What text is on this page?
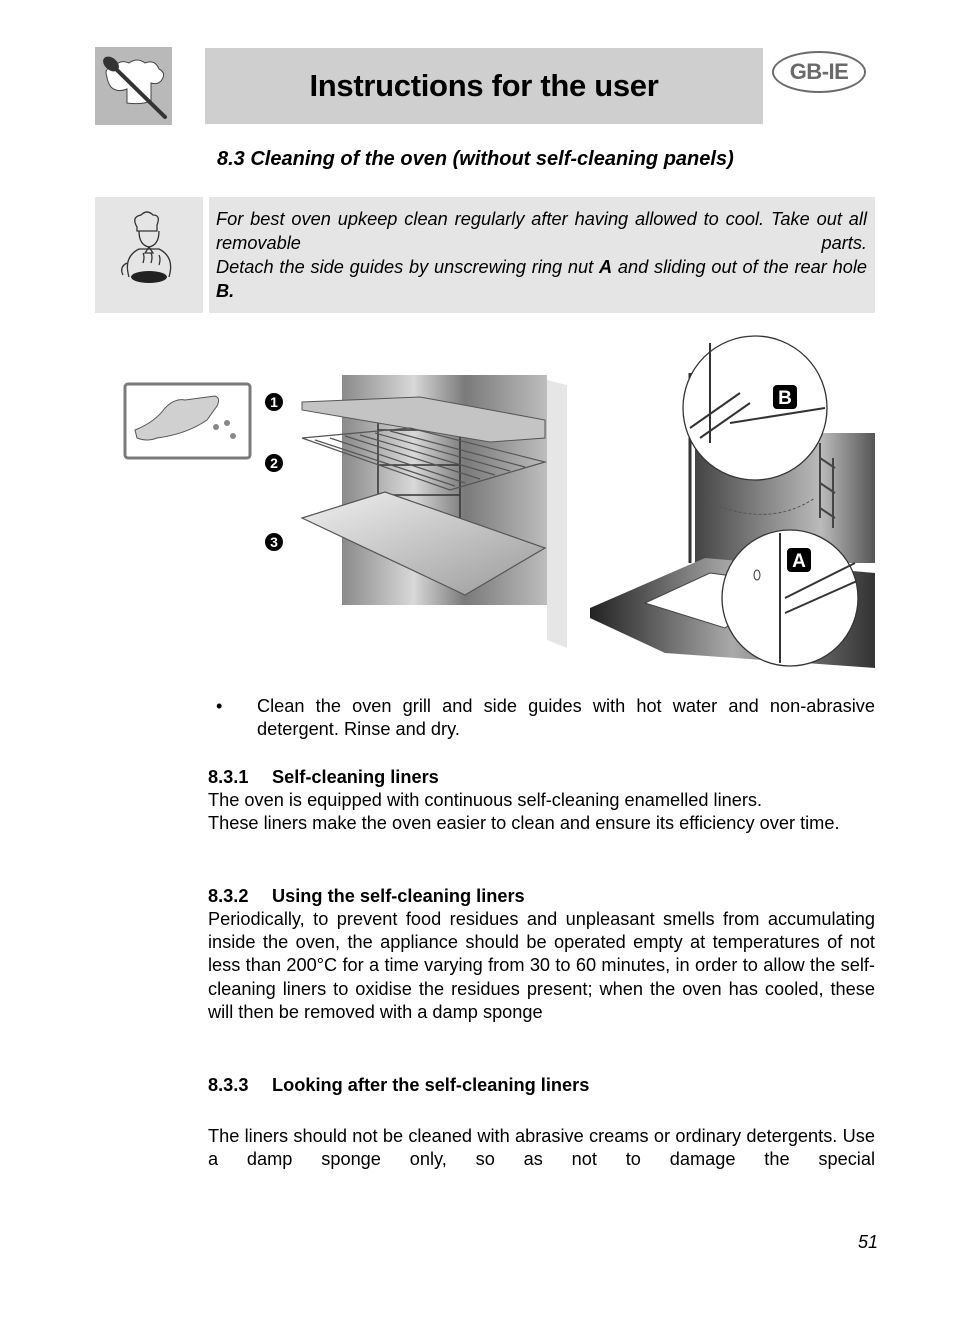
Instructions for the user	GB-IE
8.3 Cleaning of the oven (without self-cleaning panels)

For best oven upkeep clean regularly after having allowed to cool. Take out all removable parts.

Detach the side guides by unscrewing ring nut A and sliding out of the rear hole B.

1
2
3
B
A
•	Clean the oven grill and side guides with hot water and non-abrasive detergent. Rinse and dry.
8.3.1 Self-cleaning liners

The oven is equipped with continuous self-cleaning enamelled liners.

These liners make the oven easier to clean and ensure its efficiency over time.

8.3.2 Using the self-cleaning liners

Periodically, to prevent food residues and unpleasant smells from accumulating inside the oven, the appliance should be operated empty at temperatures of not less than 200°C for a time varying from 30 to 60 minutes, in order to allow the self-cleaning liners to oxidise the residues present; when the oven has cooled, these will then be removed with a damp sponge

8.3.3 Looking after the self-cleaning liners

The liners should not be cleaned with abrasive creams or ordinary detergents. Use a damp sponge only, so as not to damage the special

51
